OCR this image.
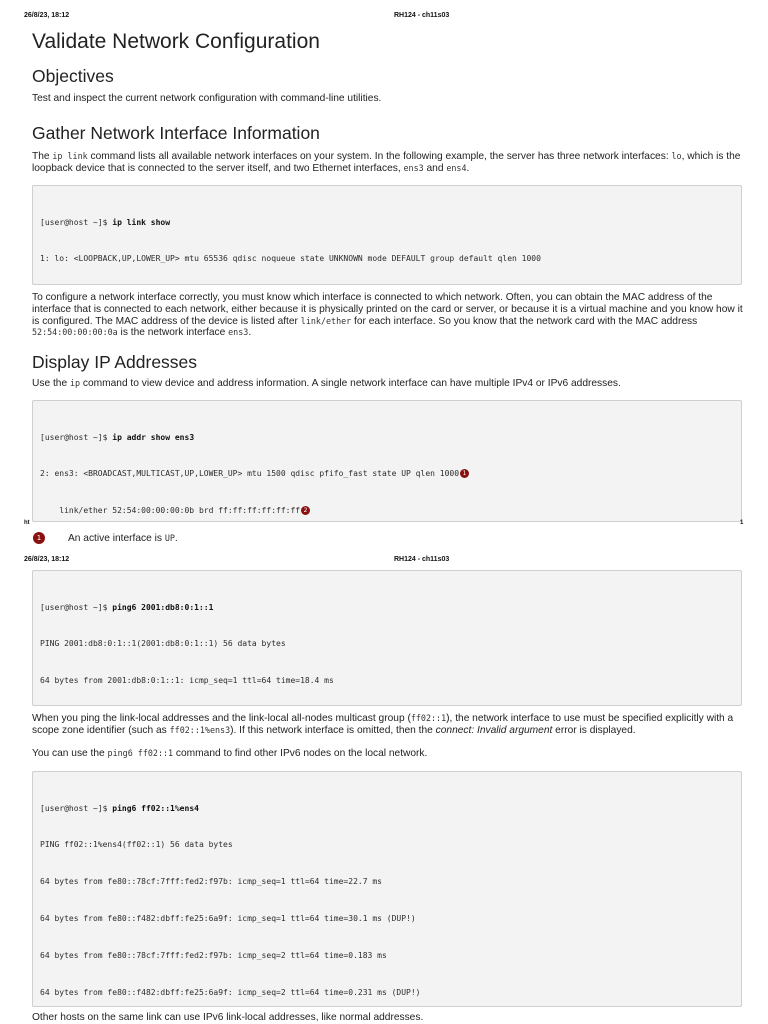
26/8/23, 18:12	RH124 - ch11s03
Validate Network Configuration
Objectives

Test and inspect the current network configuration with command-line utilities.

Gather Network Interface Information

The ip link command lists all available network interfaces on your system. In the following example, the server has three network interfaces: lo, which is the loopback device that is connected to the server itself, and two Ethernet interfaces, ens3 and ens4.

[user@host ~]$ ip link show

1: lo: <LOOPBACK,UP,LOWER_UP> mtu 65536 qdisc noqueue state UNKNOWN mode DEFAULT group default qlen 1000

To configure a network interface correctly, you must know which interface is connected to which network. Often, you can obtain the MAC address of the interface that is connected to each network, either because it is physically printed on the card or server, or because it is a virtual machine and you know how it is configured. The MAC address of the device is listed after link/ether for each interface. So you know that the network card with the MAC address 52:54:00:00:00:0a is the network interface ens3.

Display IP Addresses

Use the ip command to view device and address information. A single network interface can have multiple IPv4 or IPv6 addresses.

[user@host ~]$ ip addr show ens3

2: ens3: <BROADCAST,MULTICAST,UP,LOWER_UP> mtu 1500 qdisc pfifo_fast state UP qlen 1000 1

link/ether 52:54:00:00:00:0b brd ff:ff:ff:ff:ff:ff 2

ht	1
1	An active interface is UP.
26/8/23, 18:12	RH124 - ch11s03

[user@host ~]$ ping6 2001:db8:0:1::1

PING 2001:db8:0:1::1(2001:db8:0:1::1) 56 data bytes

64 bytes from 2001:db8:0:1::1: icmp_seq=1 ttl=64 time=18.4 ms

When you ping the link-local addresses and the link-local all-nodes multicast group (ff02::1), the network interface to use must be specified explicitly with a scope zone identifier (such as ff02::1%ens3). If this network interface is omitted, then the connect: Invalid argument error is displayed.

You can use the ping6 ff02::1 command to find other IPv6 nodes on the local network.

[user@host ~]$ ping6 ff02::1%ens4

PING ff02::1%ens4(ff02::1) 56 data bytes

64 bytes from fe80::78cf:7fff:fed2:f97b: icmp_seq=1 ttl=64 time=22.7 ms

64 bytes from fe80::f482:dbff:fe25:6a9f: icmp_seq=1 ttl=64 time=30.1 ms (DUP!)

64 bytes from fe80::78cf:7fff:fed2:f97b: icmp_seq=2 ttl=64 time=0.183 ms

64 bytes from fe80::f482:dbff:fe25:6a9f: icmp_seq=2 ttl=64 time=0.231 ms (DUP!)

Other hosts on the same link can use IPv6 link-local addresses, like normal addresses.
